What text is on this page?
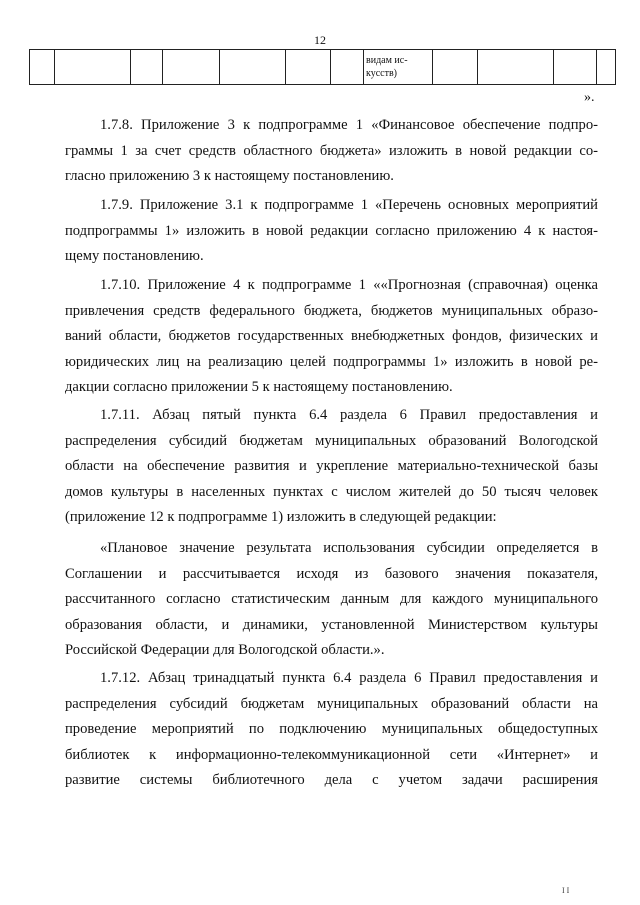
12

видам ис-
кусств)

».
1.7.8. Приложение 3 к подпрограмме 1 «Финансовое обеспечение подпро-
граммы 1 за счет средств областного бюджета» изложить в новой редакции со-
гласно приложению 3 к настоящему постановлению.
1.7.9. Приложение 3.1 к подпрограмме 1 «Перечень основных мероприятий
подпрограммы 1» изложить в новой редакции согласно приложению 4 к настоя-
щему постановлению.
1.7.10. Приложение 4 к подпрограмме 1 ««Прогнозная (справочная) оценка
привлечения средств федерального бюджета, бюджетов муниципальных образо-
ваний области, бюджетов государственных внебюджетных фондов, физических и
юридических лиц на реализацию целей подпрограммы 1» изложить в новой ре-
дакции согласно приложении 5 к настоящему постановлению.
1.7.11. Абзац пятый пункта 6.4 раздела 6 Правил предоставления и
распределения субсидий бюджетам муниципальных образований Вологодской
области на обеспечение развития и укрепление материально-технической базы
домов культуры в населенных пунктах с числом жителей до 50 тысяч человек
(приложение 12 к подпрограмме 1) изложить в следующей редакции:
«Плановое значение результата использования субсидии определяется в
Соглашении и рассчитывается исходя из базового значения показателя,
рассчитанного согласно статистическим данным для каждого муниципального
образования области, и динамики, установленной Министерством культуры
Российской Федерации для Вологодской области.».
1.7.12. Абзац тринадцатый пункта 6.4 раздела 6 Правил предоставления и
распределения субсидий бюджетам муниципальных образований области на
проведение мероприятий по подключению муниципальных общедоступных
библиотек к информационно-телекоммуникационной сети «Интернет» и
развитие системы библиотечного дела с учетом задачи расширения
II
